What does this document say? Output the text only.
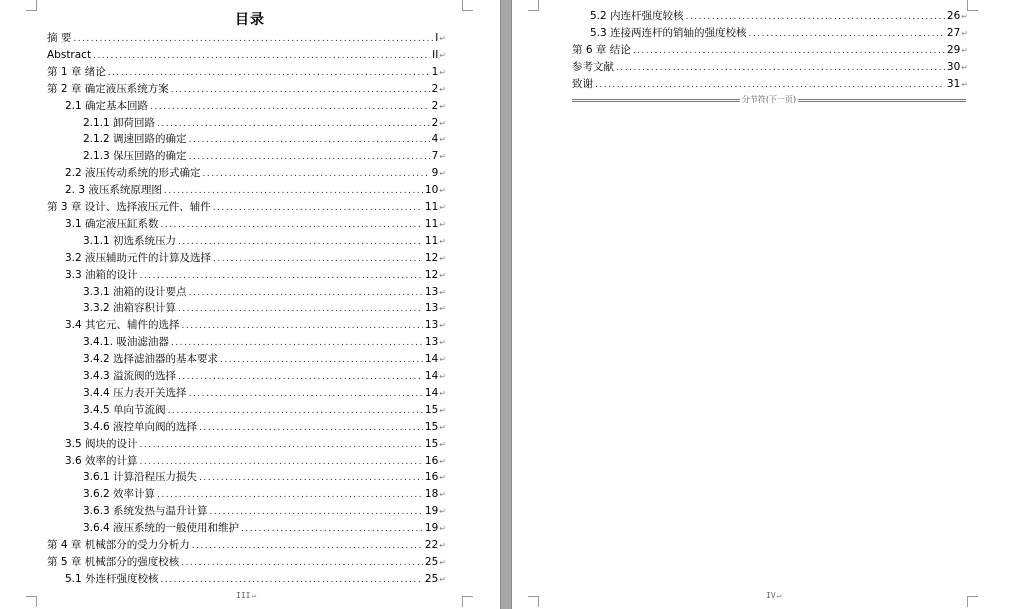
目录
摘 要 .....	I↵
Abstract .....	II↵
第 1 章 绪论 .....	1↵
第 2 章 确定液压系统方案 .....	2↵
2.1 确定基本回路 .....	2↵
2.1.1 卸荷回路 .....	2↵
2.1.2 调速回路的确定 .....	4↵
2.1.3 保压回路的确定 .....	7↵
2.2 液压传动系统的形式确定 .....	9↵
2. 3 液压系统原理图 .....	10↵
第 3 章 设计、选择液压元件、辅件 .....	11↵
3.1 确定液压缸系数 .....	11↵
3.1.1 初选系统压力 .....	11↵
3.2 液压辅助元件的计算及选择 .....	12↵
3.3 油箱的设计 .....	12↵
3.3.1 油箱的设计要点 .....	13↵
3.3.2 油箱容积计算 .....	13↵
3.4 其它元、辅件的选择 .....	13↵
3.4.1. 吸油滤油器 .....	13↵
3.4.2 选择滤油器的基本要求 .....	14↵
3.4.3 溢流阀的选择 .....	14↵
3.4.4 压力表开关选择 .....	14↵
3.4.5 单向节流阀 .....	15↵
3.4.6 液控单向阀的选择 .....	15↵
3.5 阀块的设计 .....	15↵
3.6 效率的计算 .....	16↵
3.6.1 计算沿程压力损失 .....	16↵
3.6.2 效率计算 .....	18↵
3.6.3 系统发热与温升计算 .....	19↵
3.6.4 液压系统的一般使用和维护 .....	19↵
第 4 章 机械部分的受力分析力 .....	22↵
第 5 章 机械部分的强度校核 .....	25↵
5.1 外连杆强度校核 .....	25↵
III↵
5.2 内连杆强度较核 .....	26↵
5.3 连接两连杆的销轴的强度校核 .....	27↵
第 6 章 结论 .....	29↵
参考文献 .....	30↵
致谢 .....	31↵
IV↵
分节符(下一页)
